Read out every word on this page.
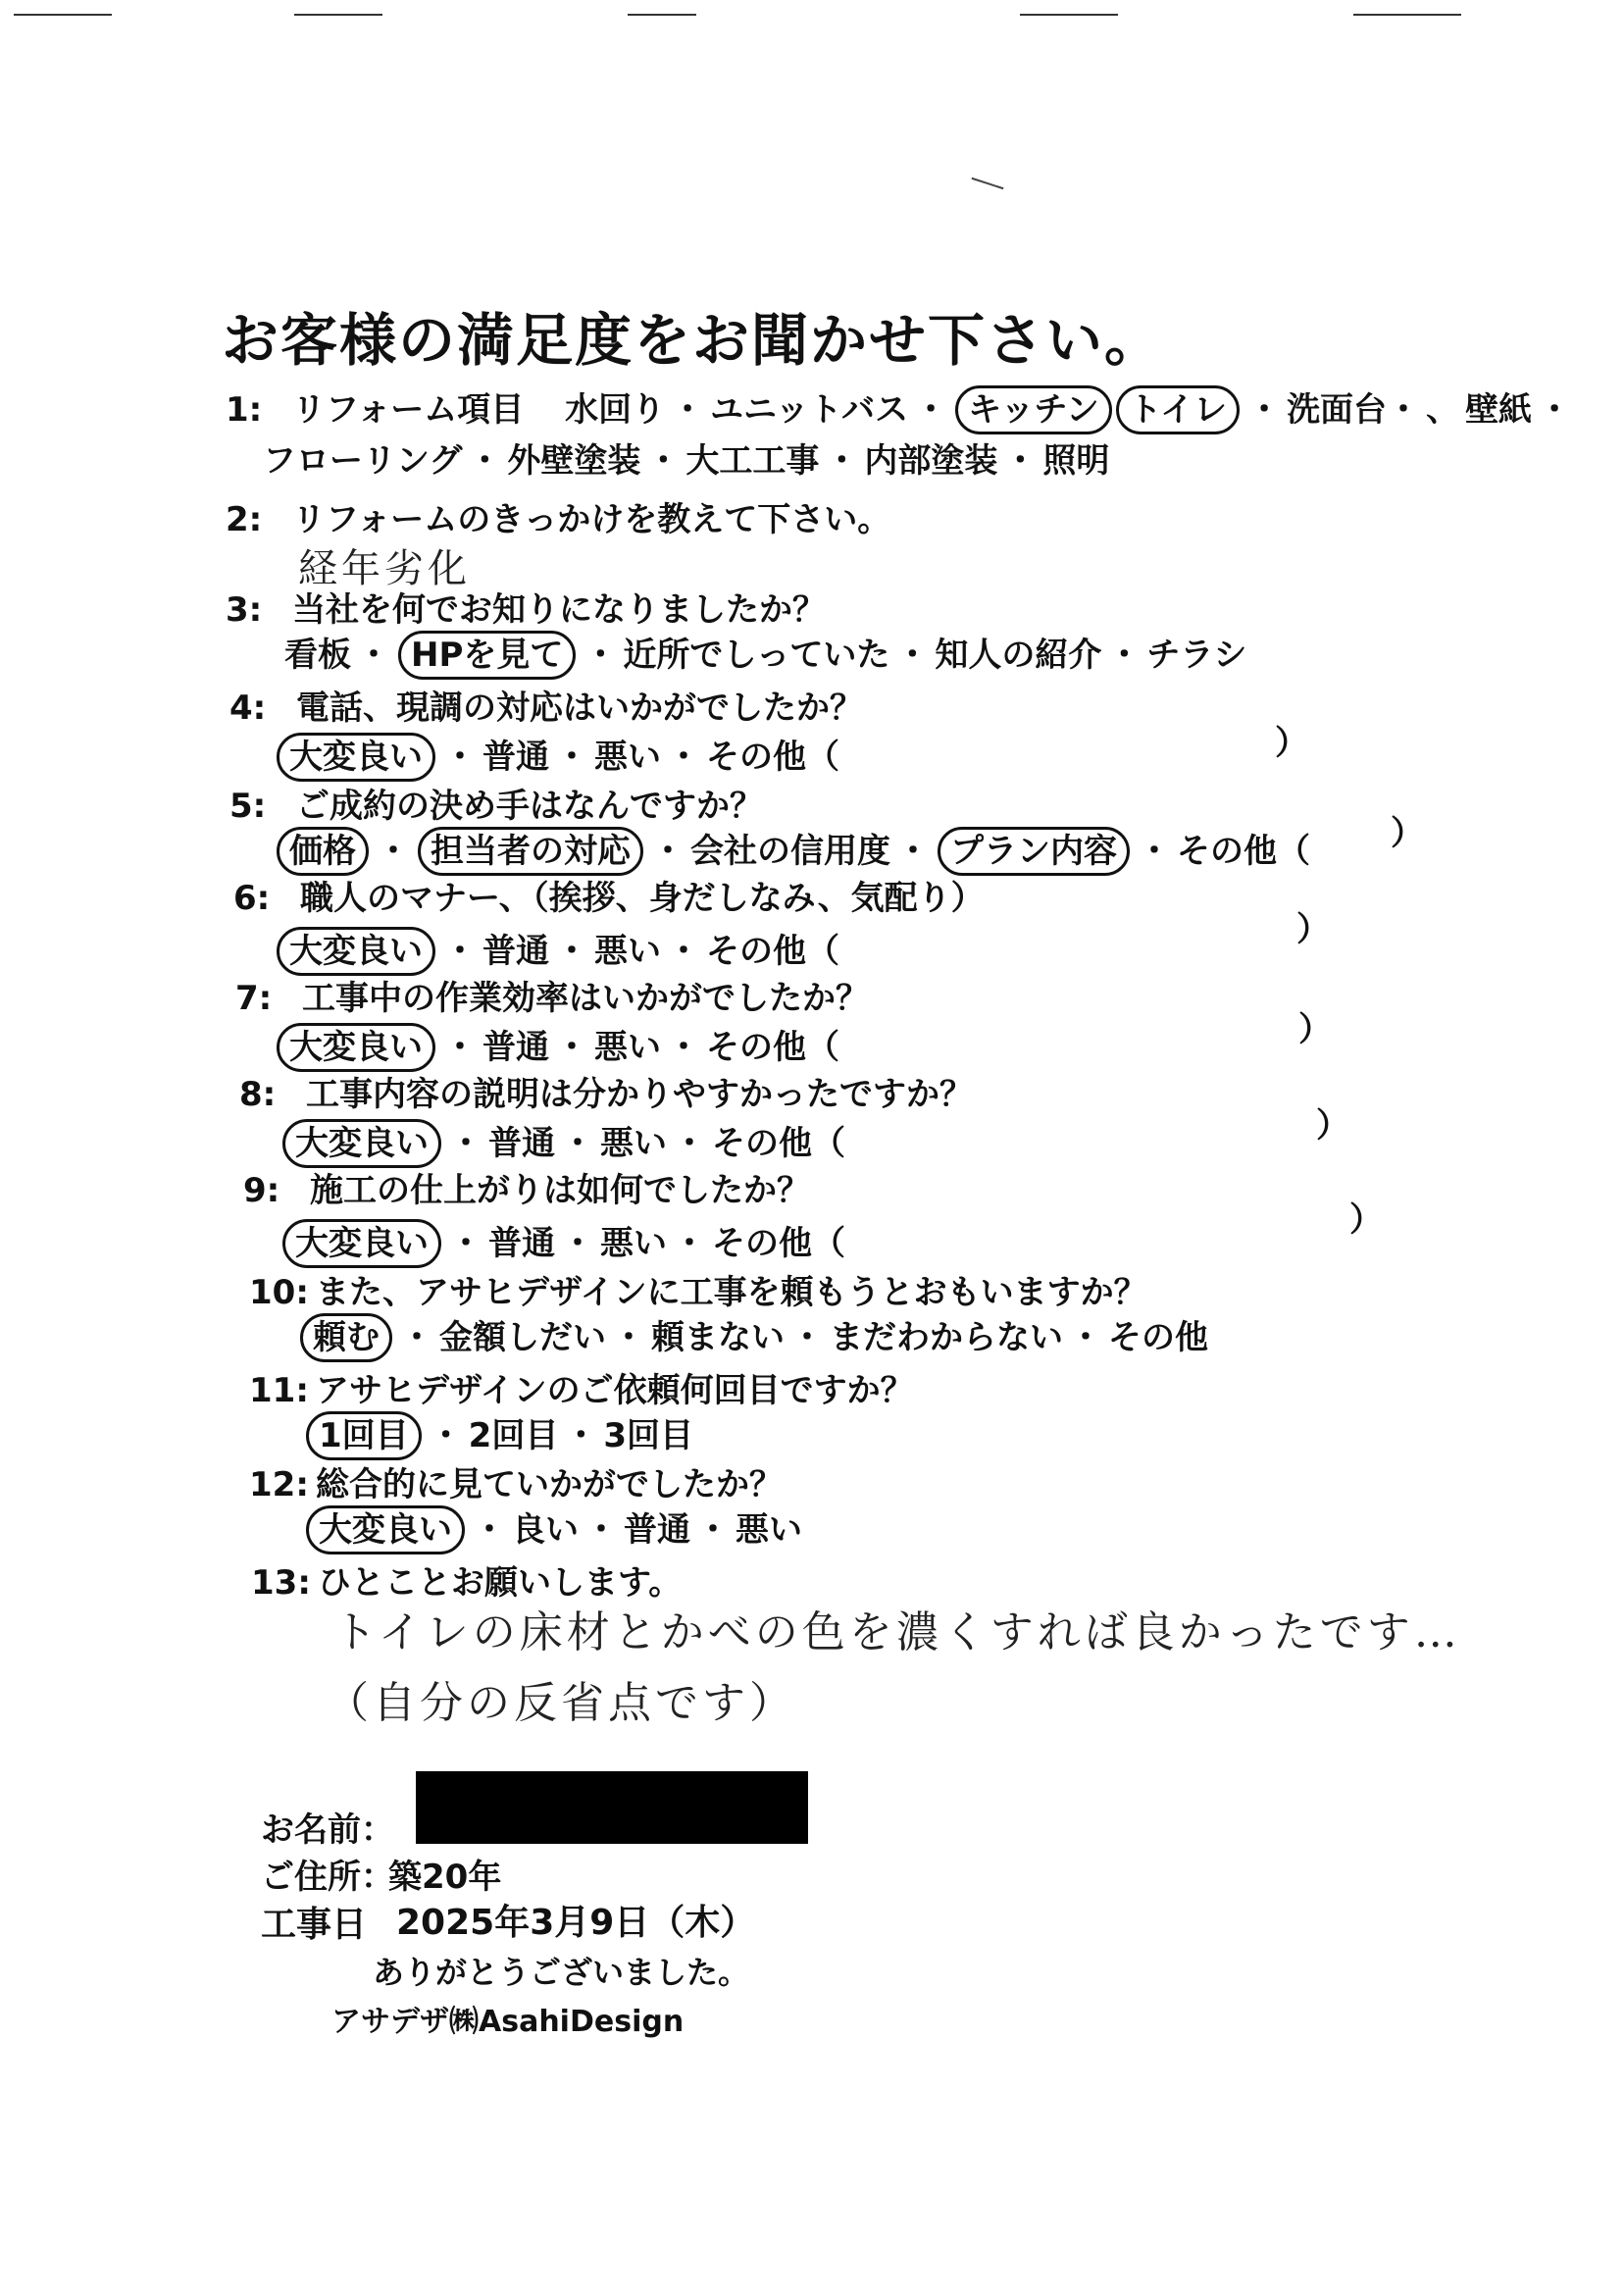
お客様の満足度をお聞かせ下さい。
1: リフォーム項目 水回り ・ ユニットバス ・ キッチン トイレ ・ 洗面台・ 、 壁紙 ・
フローリング ・ 外壁塗装 ・ 大工工事 ・ 内部塗装 ・ 照明
2: リフォームのきっかけを教えて下さい。
経年劣化
3: 当社を何でお知りになりましたか？
看板 ・ HPを見て ・ 近所でしっていた ・ 知人の紹介 ・ チラシ
4: 電話、現調の対応はいかがでしたか？
大変良い ・ 普通 ・ 悪い ・ その他（	）
5: ご成約の決め手はなんですか？
価格 ・ 担当者の対応 ・ 会社の信用度 ・ プラン内容 ・ その他（ ）
6: 職人のマナー、（挨拶、身だしなみ、気配り）
大変良い ・ 普通 ・ 悪い ・ その他（
）
7: 工事中の作業効率はいかがでしたか？
大変良い ・ 普通 ・ 悪い ・ その他（	）
8: 工事内容の説明は分かりやすかったですか？
大変良い ・ 普通 ・ 悪い ・ その他（	）
9: 施工の仕上がりは如何でしたか？
大変良い ・ 普通 ・ 悪い ・ その他（
）
10: また、アサヒデザインに工事を頼もうとおもいますか？
頼む ・ 金額しだい ・ 頼まない ・ まだわからない ・ その他
11: アサヒデザインのご依頼何回目ですか？
1回目 ・ 2回目 ・ 3回目
12: 総合的に見ていかがでしたか？
大変良い ・ 良い ・ 普通 ・ 悪い
13: ひとことお願いします。
トイレの床材とかべの色を濃くすれば良かったです…
（自分の反省点です）
お名前：
ご住所：
築20年
工事日 2025年3月9日（木）
ありがとうございました。
アサデザ㈱AsahiDesign
